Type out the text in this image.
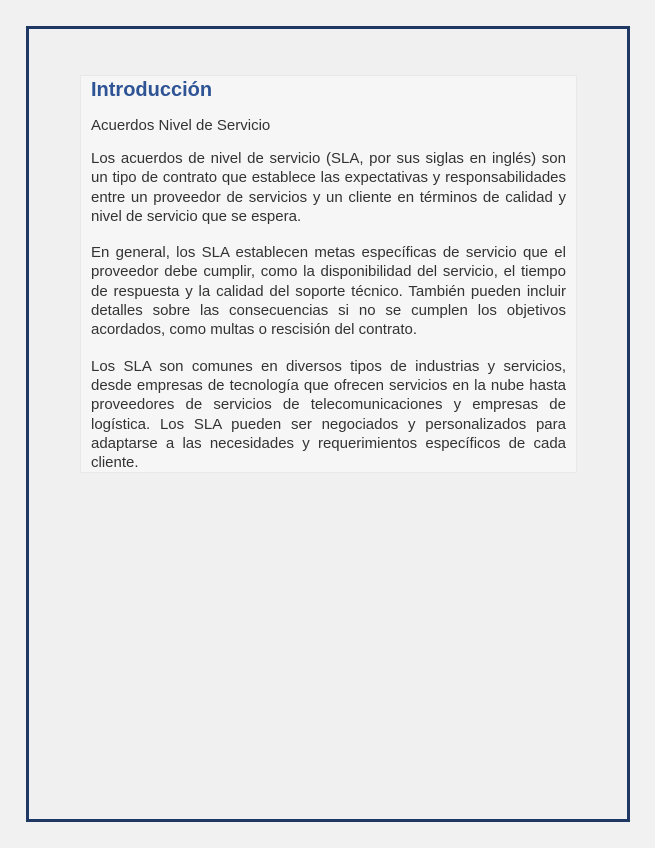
Introducción

Acuerdos Nivel de Servicio

Los acuerdos de nivel de servicio (SLA, por sus siglas en inglés) son un tipo de contrato que establece las expectativas y responsabilidades entre un proveedor de servicios y un cliente en términos de calidad y nivel de servicio que se espera.

En general, los SLA establecen metas específicas de servicio que el proveedor debe cumplir, como la disponibilidad del servicio, el tiempo de respuesta y la calidad del soporte técnico. También pueden incluir detalles sobre las consecuencias si no se cumplen los objetivos acordados, como multas o rescisión del contrato.

Los SLA son comunes en diversos tipos de industrias y servicios, desde empresas de tecnología que ofrecen servicios en la nube hasta proveedores de servicios de telecomunicaciones y empresas de logística. Los SLA pueden ser negociados y personalizados para adaptarse a las necesidades y requerimientos específicos de cada cliente.
